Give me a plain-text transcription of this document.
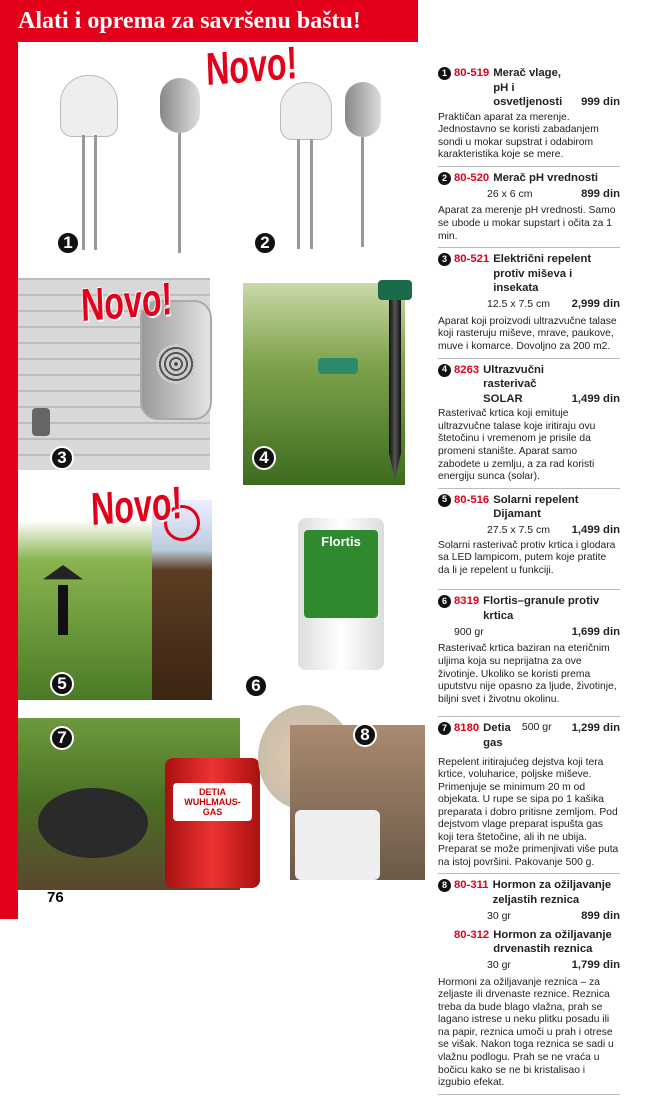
Alati i oprema za savršenu baštu!
Novo!
Novo!
Novo!
Flortis
DETIA WUHLMAUS-GAS
1	2
3	4
5	6
7	8
1 80-519 Merač vlage, pH i osvetljenosti	999 din
Praktičan aparat za merenje. Jednostavno se koristi zabadanjem sondi u mokar supstrat i odabirom karakteristika koje se mere.
2 80-520 Merač pH vrednosti
26 x 6 cm	899 din
Aparat za merenje pH vrednosti. Samo se ubode u mokar supstart i očita za 1 min.
3 80-521 Električni repelent protiv miševa i insekata
12.5 x 7.5 cm 2,999 din
Aparat koji proizvodi ultrazvučne talase koji rasteruju miševe, mrave, paukove, muve i komarce. Dovoljno za 200 m2.
4 8263 Ultrazvučni rasterivač SOLAR	1,499 din
Rasterivač krtica koji emituje ultrazvučne talase koje iritiraju ovu štetočinu i vremenom je prisile da promeni stanište. Aparat samo zabodete u zemlju, a za rad koristi energiju sunca (solar).
5 80-516 Solarni repelent Dijamant
27.5 x 7.5 cm 1,499 din
Solarni rasterivač protiv krtica i glodara sa LED lampicom, putem koje pratite da li je repelent u funkciji.
6 8319 Flortis–granule protiv krtica
900 gr	1,699 din
Rasterivač krtica baziran na eteričnim uljima koja su neprijatna za ove životinje. Ukoliko se koristi prema uputstvu nije opasno za ljude, životinje, biljni svet i životnu okolinu.
7 8180 Detia gas
500 gr 1,299 din
Repelent iritirajućeg dejstva koji tera krtice, voluharice, poljske miševe. Primenjuje se minimum 20 m od objekata. U rupe se sipa po 1 kašika preparata i dobro pritisne zemljom. Pod dejstvom vlage preparat ispušta gas koji tera štetočine, ali ih ne ubija. Preparat se može primenjivati više puta na istoj površini. Pakovanje 500 g.
8 80-311 Hormon za ožiljavanje zeljastih reznica
30 gr	899 din
80-312 Hormon za ožiljavanje drvenastih reznica
30 gr	1,799 din
Hormoni za ožiljavanje reznica – za zeljaste ili drvenaste reznice. Reznica treba da bude blago vlažna, prah se lagano istrese u neku plitku posadu ili na papir, reznica umoči u prah i otrese se višak. Nakon toga reznica se sadi u vlažnu podlogu. Prah se ne vraća u bočicu kako se ne bi kristalisao i izgubio efekat.
76
